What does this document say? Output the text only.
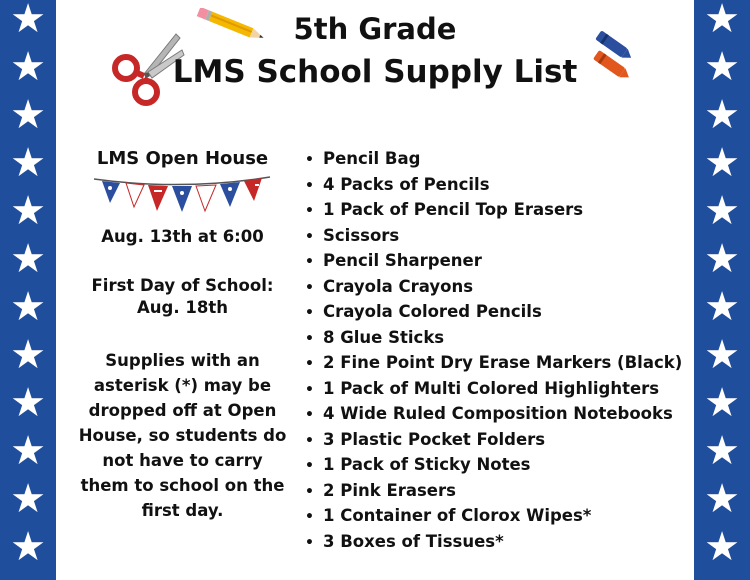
★
★
★
★
★
★
★
★
★
★
★
★
★
★
★
★
★
★
★
★
★
★
★
★
5th Grade
LMS School Supply List
LMS Open House
Aug. 13th at 6:00
First Day of School:
Aug. 18th
Supplies with an
asterisk (*) may be
dropped off at Open
House, so students do
not have to carry
them to school on the
first day.
• Pencil Bag
• 4 Packs of Pencils
• 1 Pack of Pencil Top Erasers
• Scissors
• Pencil Sharpener
• Crayola Crayons
• Crayola Colored Pencils
• 8 Glue Sticks
• 2 Fine Point Dry Erase Markers (Black)
• 1 Pack of Multi Colored Highlighters
• 4 Wide Ruled Composition Notebooks
• 3 Plastic Pocket Folders
• 1 Pack of Sticky Notes
• 2 Pink Erasers
• 1 Container of Clorox Wipes*
• 3 Boxes of Tissues*
